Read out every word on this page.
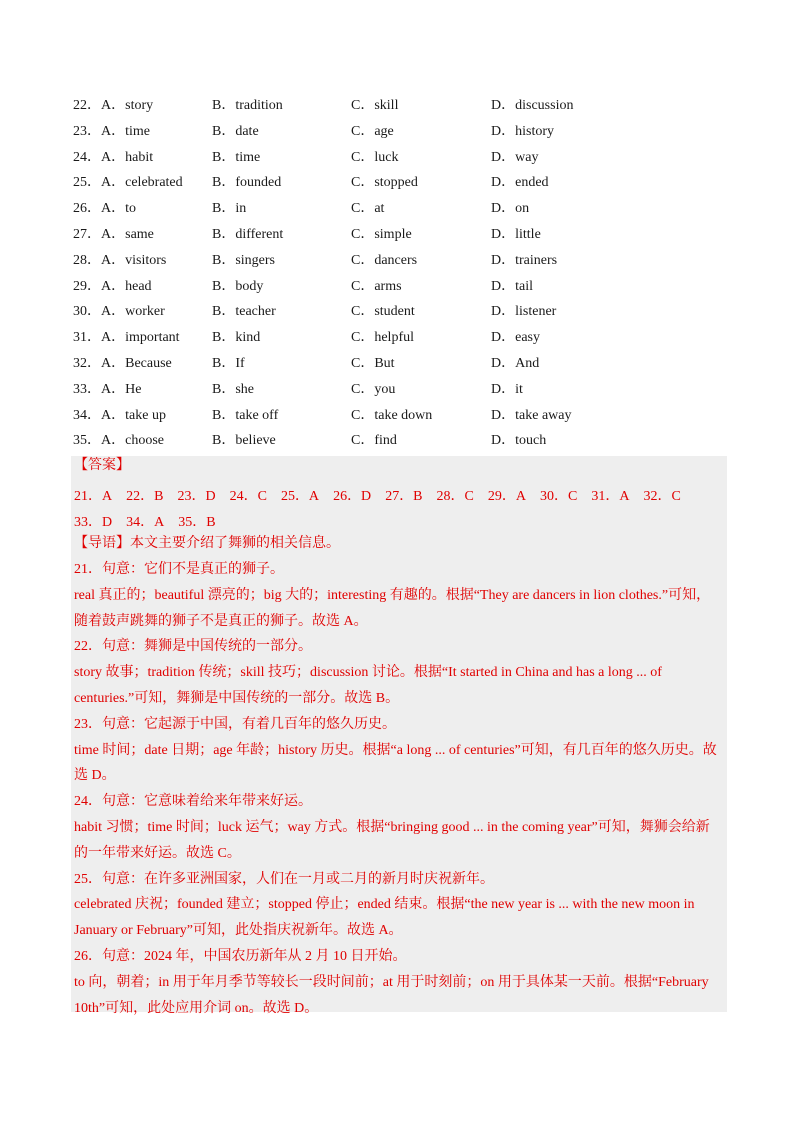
22．A．story	B．tradition	C．skill	D．discussion
23．A．time	B．date	C．age	D．history
24．A．habit	B．time	C．luck	D．way
25．A．celebrated B．founded	C．stopped	D．ended
26．A．to	B．in	C．at	D．on
27．A．same	B．different	C．simple	D．little
28．A．visitors	B．singers	C．dancers	D．trainers
29．A．head	B．body	C．arms	D．tail
30．A．worker	B．teacher	C．student	D．listener
31．A．important B．kind	C．helpful	D．easy
32．A．Because	B．If	C．But	D．And
33．A．He	B．she	C．you	D．it
34．A．take up	B．take off	C．take down	D．take away
35．A．choose	B．believe	C．find	D．touch
【答案】
21．A 22．B 23．D 24．C 25．A 26．D 27．B 28．C 29．A 30．C 31．A 32．C33．D 34．A 35．B
【导语】本文主要介绍了舞狮的相关信息。
21．句意：它们不是真正的狮子。
real 真正的；beautiful 漂亮的；big 大的；interesting 有趣的。根据“They are dancers in lion clothes.”可知，
随着鼓声跳舞的狮子不是真正的狮子。故选 A。
22．句意：舞狮是中国传统的一部分。
story 故事；tradition 传统；skill 技巧；discussion 讨论。根据“It started in China and has a long ... of
centuries.”可知，舞狮是中国传统的一部分。故选 B。
23．句意：它起源于中国，有着几百年的悠久历史。
time 时间；date 日期；age 年龄；history 历史。根据“a long ... of centuries”可知，有几百年的悠久历史。故
选 D。
24．句意：它意味着给来年带来好运。
habit 习惯；time 时间；luck 运气；way 方式。根据“bringing good ... in the coming year”可知，舞狮会给新
的一年带来好运。故选 C。
25．句意：在许多亚洲国家，人们在一月或二月的新月时庆祝新年。
celebrated 庆祝；founded 建立；stopped 停止；ended 结束。根据“the new year is ... with the new moon in
January or February”可知，此处指庆祝新年。故选 A。
26．句意：2024 年，中国农历新年从 2 月 10 日开始。
to 向，朝着；in 用于年月季节等较长一段时间前；at 用于时刻前；on 用于具体某一天前。根据“February
10th”可知，此处应用介词 on。故选 D。
